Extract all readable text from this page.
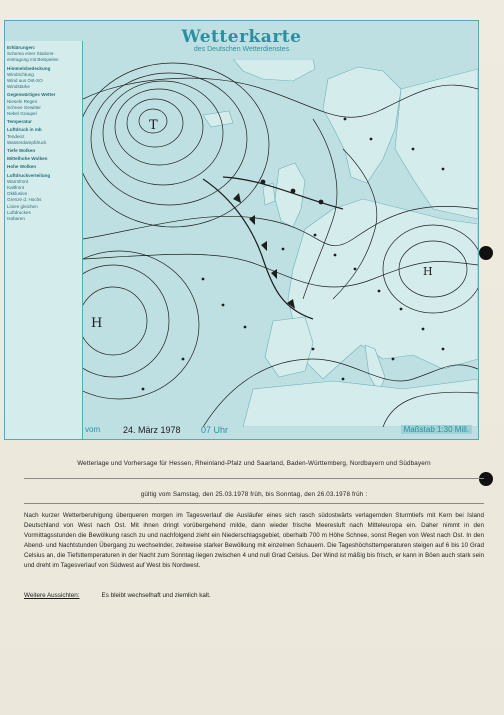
Wetterkarte
des Deutschen Wetterdienstes
Erklärungen:
Schema einer Stations-
eintragung mit Beispielen
Himmelsbedeckung
Windrichtung
Wind aus Ost-SO
Windstärke
Gegenwärtiges Wetter
Nieseln Regen
Schnee Gewitter
Nebel Graupel
Temperatur
Luftdruck in mb
Tendenz
Wasserdampfdruck
Tiefe Wolken
Mittelhohe Wolken
Hohe Wolken
Luftdruckverteilung
Warmfront
Kaltfront
Okklusion
Grenze d. Hochs
Linien gleichen
Luftdruckes
Isobaren
T
H
H
vom	24. März 1978 07 Uhr	Maßstab 1:30 Mill.
Wetterlage und Vorhersage für Hessen, Rheinland-Pfalz und Saarland, Baden-Württemberg, Nordbayern und Südbayern
gültig vom Samstag, den 25.03.1978 früh, bis Sonntag, den 26.03.1978 früh :
Nach kurzer Wetterberuhigung überqueren morgen im Tagesverlauf die Ausläufer eines sich rasch südostwärts verlagernden Sturmtiefs mit Kern bei Island Deutschland von West nach Ost. Mit ihnen dringt vorübergehend milde, dann wieder frische Meeresluft nach Mitteleuropa ein. Daher nimmt in den Vormittagsstunden die Bewölkung rasch zu und nachfolgend zieht ein Niederschlagsgebiet, oberhalb 700 m Höhe Schnee, sonst Regen von West nach Ost. In den Abend- und Nachtstunden Übergang zu wechselnder, zeitweise starker Bewölkung mit einzelnen Schauern. Die Tageshöchsttemperaturen steigen auf 6 bis 10 Grad Celsius an, die Tiefsttemperaturen in der Nacht zum Sonntag liegen zwischen 4 und null Grad Celsius. Der Wind ist mäßig bis frisch, er kann in Böen auch stark sein und dreht im Tagesverlauf von Südwest auf West bis Nordwest.
Weitere Aussichten:	Es bleibt wechselhaft und ziemlich kalt.
